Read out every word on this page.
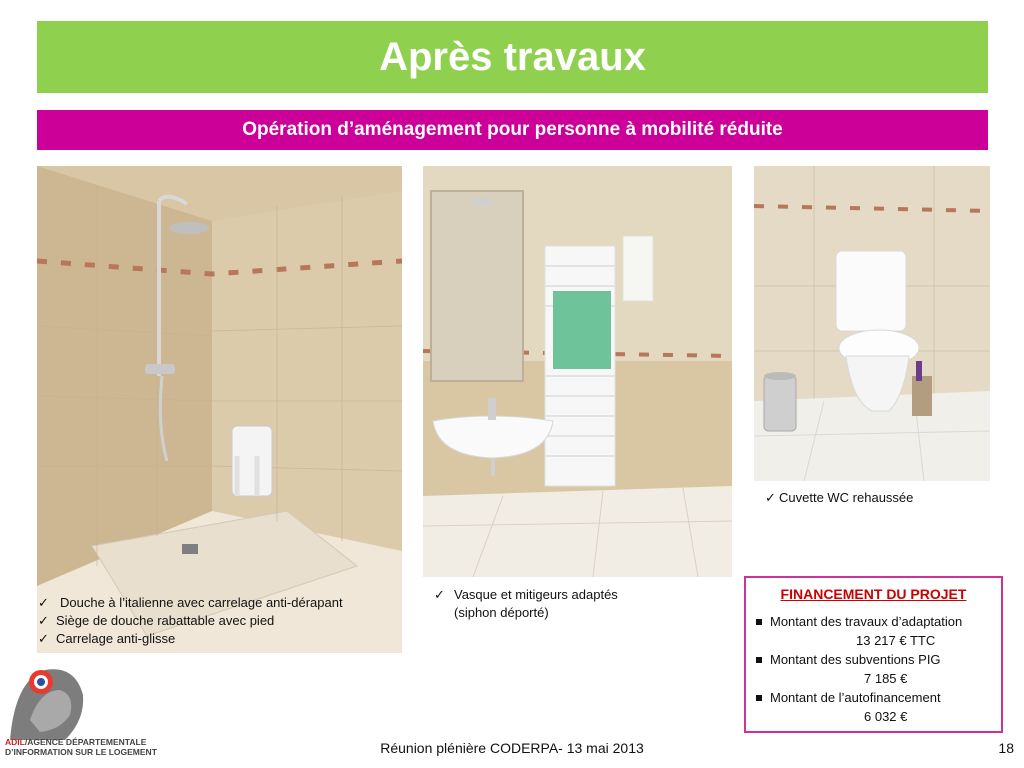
Après travaux
Opération d’aménagement pour personne à mobilité réduite
✓ Douche à l’italienne avec carrelage anti-dérapant
✓ Siège de douche rabattable avec pied
✓ Carrelage anti-glisse
✓ Vasque et mitigeurs adaptés
(siphon déporté)
✓ Cuvette WC rehaussée
FINANCEMENT DU PROJET
Montant des travaux d’adaptation
13 217 € TTC
Montant des subventions PIG
7 185 €
Montant de l’autofinancement
6 032 €
ADIL/AGENCE DÉPARTEMENTALE
D’INFORMATION SUR LE LOGEMENT	Réunion plénière CODERPA- 13 mai 2013	18
